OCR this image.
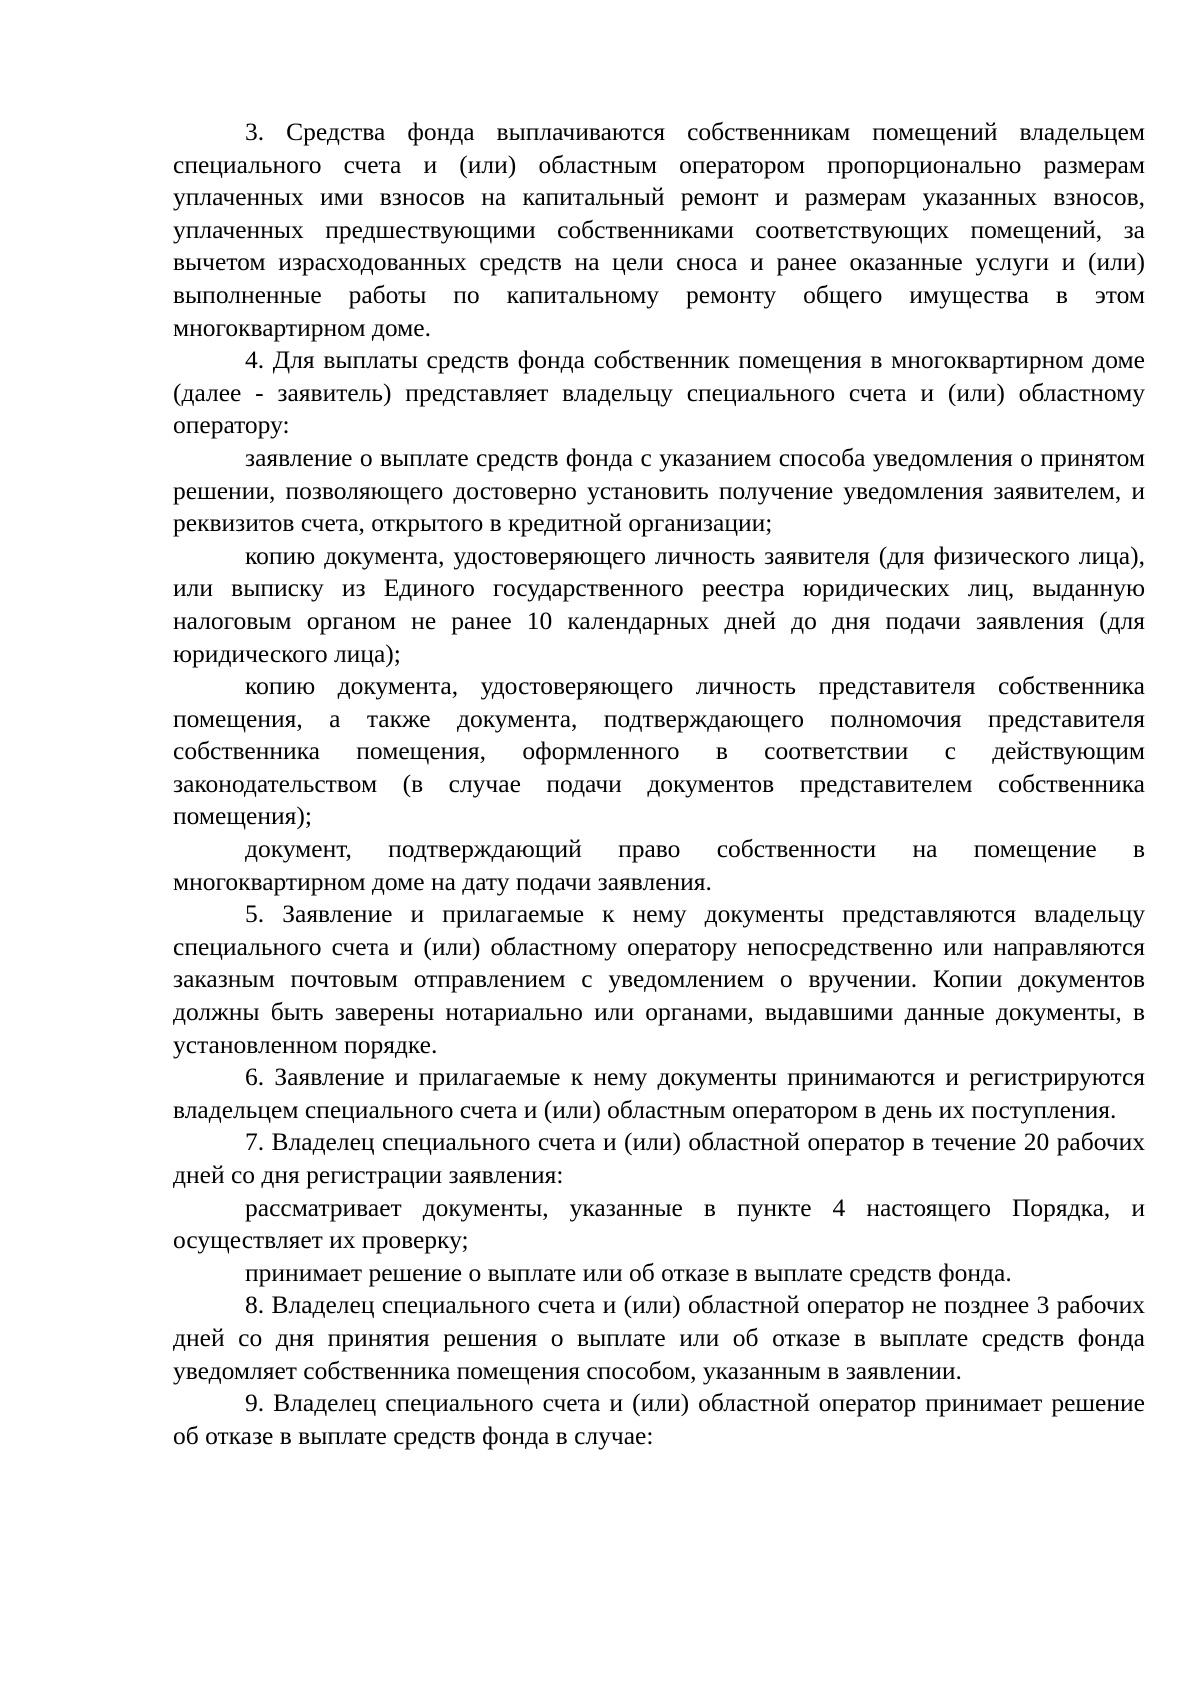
3. Средства фонда выплачиваются собственникам помещений владельцем специального счета и (или) областным оператором пропорционально размерам уплаченных ими взносов на капитальный ремонт и размерам указанных взносов, уплаченных предшествующими собственниками соответствующих помещений, за вычетом израсходованных средств на цели сноса и ранее оказанные услуги и (или) выполненные работы по капитальному ремонту общего имущества в этом многоквартирном доме.

4. Для выплаты средств фонда собственник помещения в многоквартирном доме (далее - заявитель) представляет владельцу специального счета и (или) областному оператору:

заявление о выплате средств фонда с указанием способа уведомления о принятом решении, позволяющего достоверно установить получение уведомления заявителем, и реквизитов счета, открытого в кредитной организации;

копию документа, удостоверяющего личность заявителя (для физического лица), или выписку из Единого государственного реестра юридических лиц, выданную налоговым органом не ранее 10 календарных дней до дня подачи заявления (для юридического лица);

копию документа, удостоверяющего личность представителя собственника помещения, а также документа, подтверждающего полномочия представителя собственника помещения, оформленного в соответствии с действующим законодательством (в случае подачи документов представителем собственника помещения);

документ, подтверждающий право собственности на помещение в многоквартирном доме на дату подачи заявления.

5. Заявление и прилагаемые к нему документы представляются владельцу специального счета и (или) областному оператору непосредственно или направляются заказным почтовым отправлением с уведомлением о вручении. Копии документов должны быть заверены нотариально или органами, выдавшими данные документы, в установленном порядке.

6. Заявление и прилагаемые к нему документы принимаются и регистрируются владельцем специального счета и (или) областным оператором в день их поступления.

7. Владелец специального счета и (или) областной оператор в течение 20 рабочих дней со дня регистрации заявления:

рассматривает документы, указанные в пункте 4 настоящего Порядка, и осуществляет их проверку;

принимает решение о выплате или об отказе в выплате средств фонда.

8. Владелец специального счета и (или) областной оператор не позднее 3 рабочих дней со дня принятия решения о выплате или об отказе в выплате средств фонда уведомляет собственника помещения способом, указанным в заявлении.

9. Владелец специального счета и (или) областной оператор принимает решение об отказе в выплате средств фонда в случае:
